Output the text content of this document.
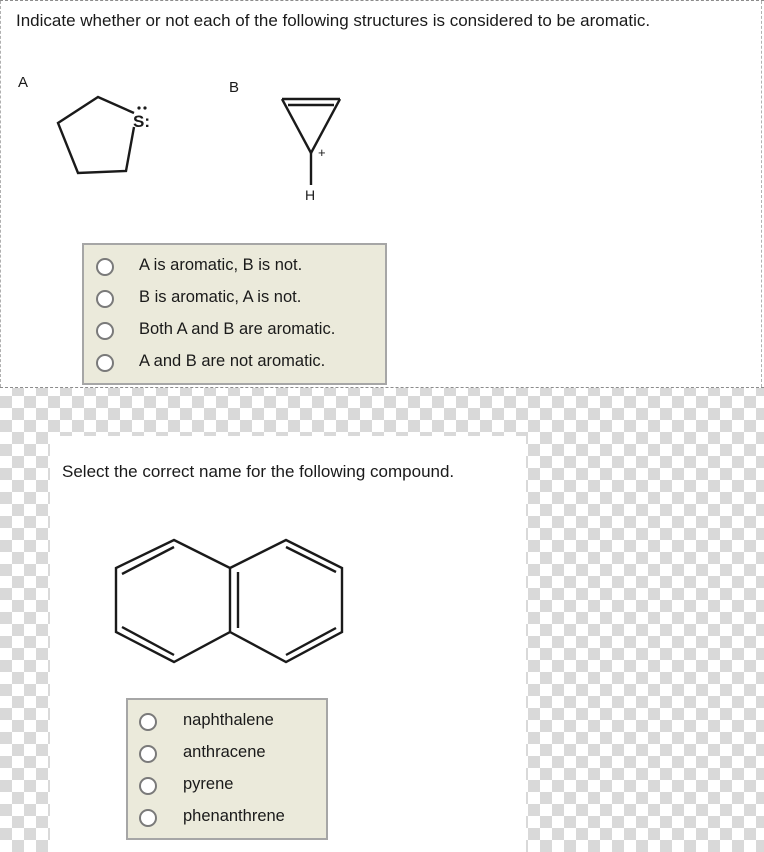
Indicate whether or not each of the following structures is considered to be aromatic.
A	B
S:
+
H
A is aromatic, B is not.
B is aromatic, A is not.
Both A and B are aromatic.
A and B are not aromatic.
Select the correct name for the following compound.
naphthalene
anthracene
pyrene
phenanthrene
